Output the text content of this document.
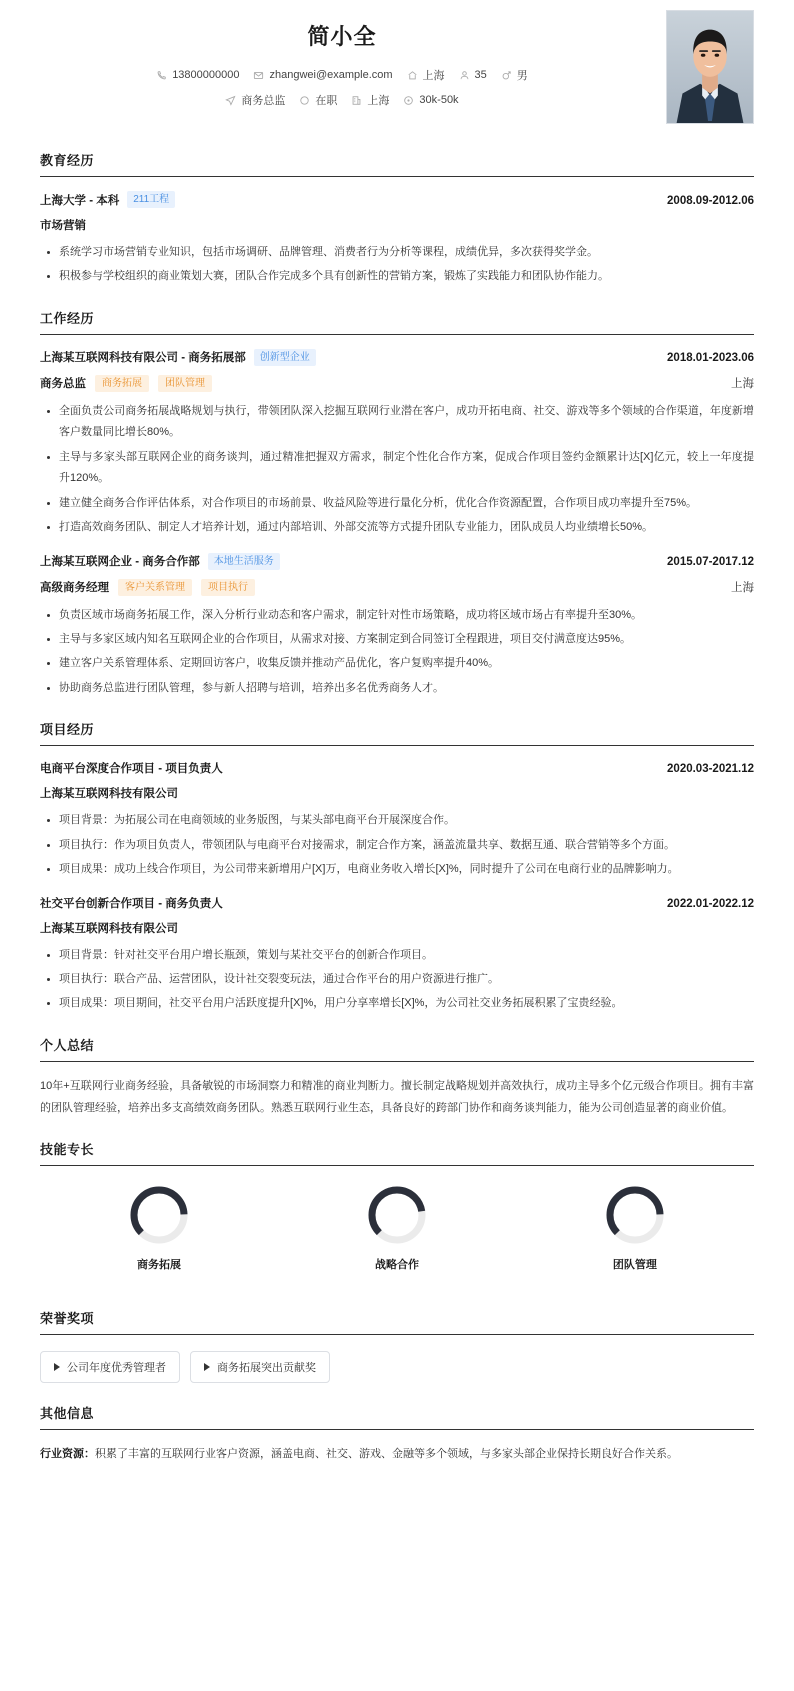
简小全
13800000000	zhangwei@example.com	上海	35	男
商务总监	在职	上海	30k-50k
教育经历
上海大学 - 本科	211工程	2008.09-2012.06
市场营销
系统学习市场营销专业知识，包括市场调研、品牌管理、消费者行为分析等课程，成绩优异，多次获得奖学金。
积极参与学校组织的商业策划大赛，团队合作完成多个具有创新性的营销方案，锻炼了实践能力和团队协作能力。
工作经历
上海某互联网科技有限公司 - 商务拓展部	创新型企业	2018.01-2023.06
商务总监	商务拓展	团队管理	上海
全面负责公司商务拓展战略规划与执行，带领团队深入挖掘互联网行业潜在客户，成功开拓电商、社交、游戏等多个领域的合作渠道，年度新增客户数量同比增长80%。
主导与多家头部互联网企业的商务谈判，通过精准把握双方需求，制定个性化合作方案，促成合作项目签约金额累计达[X]亿元，较上一年度提升120%。
建立健全商务合作评估体系，对合作项目的市场前景、收益风险等进行量化分析，优化合作资源配置，合作项目成功率提升至75%。
打造高效商务团队、制定人才培养计划，通过内部培训、外部交流等方式提升团队专业能力，团队成员人均业绩增长50%。
上海某互联网企业 - 商务合作部	本地生活服务	2015.07-2017.12
高级商务经理	客户关系管理	项目执行	上海
负责区域市场商务拓展工作，深入分析行业动态和客户需求，制定针对性市场策略，成功将区域市场占有率提升至30%。
主导与多家区域内知名互联网企业的合作项目，从需求对接、方案制定到合同签订全程跟进，项目交付满意度达95%。
建立客户关系管理体系、定期回访客户，收集反馈并推动产品优化，客户复购率提升40%。
协助商务总监进行团队管理，参与新人招聘与培训，培养出多名优秀商务人才。
项目经历
电商平台深度合作项目 - 项目负责人	2020.03-2021.12
上海某互联网科技有限公司
项目背景：为拓展公司在电商领域的业务版图，与某头部电商平台开展深度合作。
项目执行：作为项目负责人，带领团队与电商平台对接需求，制定合作方案，涵盖流量共享、数据互通、联合营销等多个方面。
项目成果：成功上线合作项目，为公司带来新增用户[X]万，电商业务收入增长[X]%，同时提升了公司在电商行业的品牌影响力。
社交平台创新合作项目 - 商务负责人	2022.01-2022.12
上海某互联网科技有限公司
项目背景：针对社交平台用户增长瓶颈，策划与某社交平台的创新合作项目。
项目执行：联合产品、运营团队，设计社交裂变玩法，通过合作平台的用户资源进行推广。
项目成果：项目期间，社交平台用户活跃度提升[X]%，用户分享率增长[X]%，为公司社交业务拓展积累了宝贵经验。
个人总结
10年+互联网行业商务经验，具备敏锐的市场洞察力和精准的商业判断力。擅长制定战略规划并高效执行，成功主导多个亿元级合作项目。拥有丰富的团队管理经验，培养出多支高绩效商务团队。熟悉互联网行业生态，具备良好的跨部门协作和商务谈判能力，能为公司创造显著的商业价值。
技能专长
商务拓展	战略合作	团队管理
荣誉奖项
公司年度优秀管理者	商务拓展突出贡献奖
其他信息
行业资源：积累了丰富的互联网行业客户资源，涵盖电商、社交、游戏、金融等多个领域，与多家头部企业保持长期良好合作关系。
